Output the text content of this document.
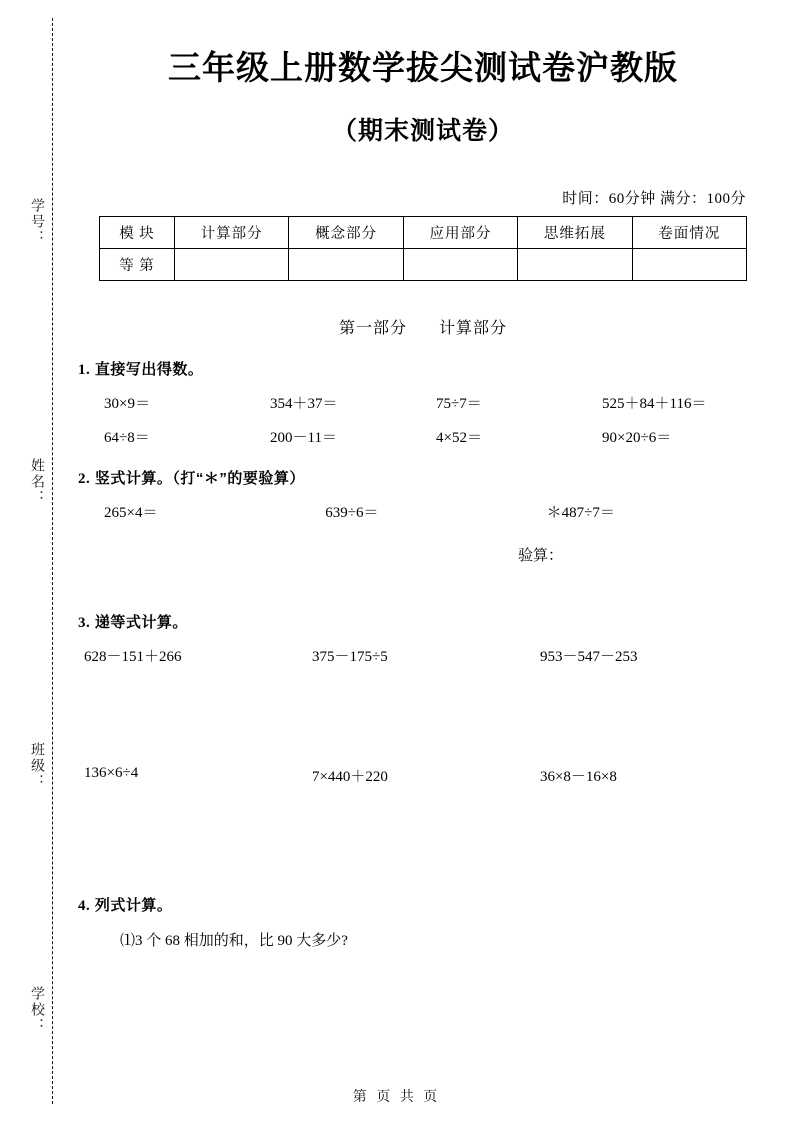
学号：
姓名：
班级：
学校：
三年级上册数学拔尖测试卷沪教版
（期末测试卷）
时间：60分钟 满分：100分
模 块	计算部分	概念部分	应用部分	思维拓展	卷面情况
等 第					
第一部分 计算部分
1. 直接写出得数。
30×9＝	354＋37＝	75÷7＝	525＋84＋116＝
64÷8＝	200－11＝	4×52＝	90×20÷6＝
2. 竖式计算。（打“＊”的要验算）
265×4＝	639÷6＝	＊487÷7＝
验算：
3. 递等式计算。
628－151＋266	375－175÷5	953－547－253
136×6÷4	7×440＋220	36×8－16×8
4. 列式计算。
⑴3 个 68 相加的和，比 90 大多少?
第 页 共 页
